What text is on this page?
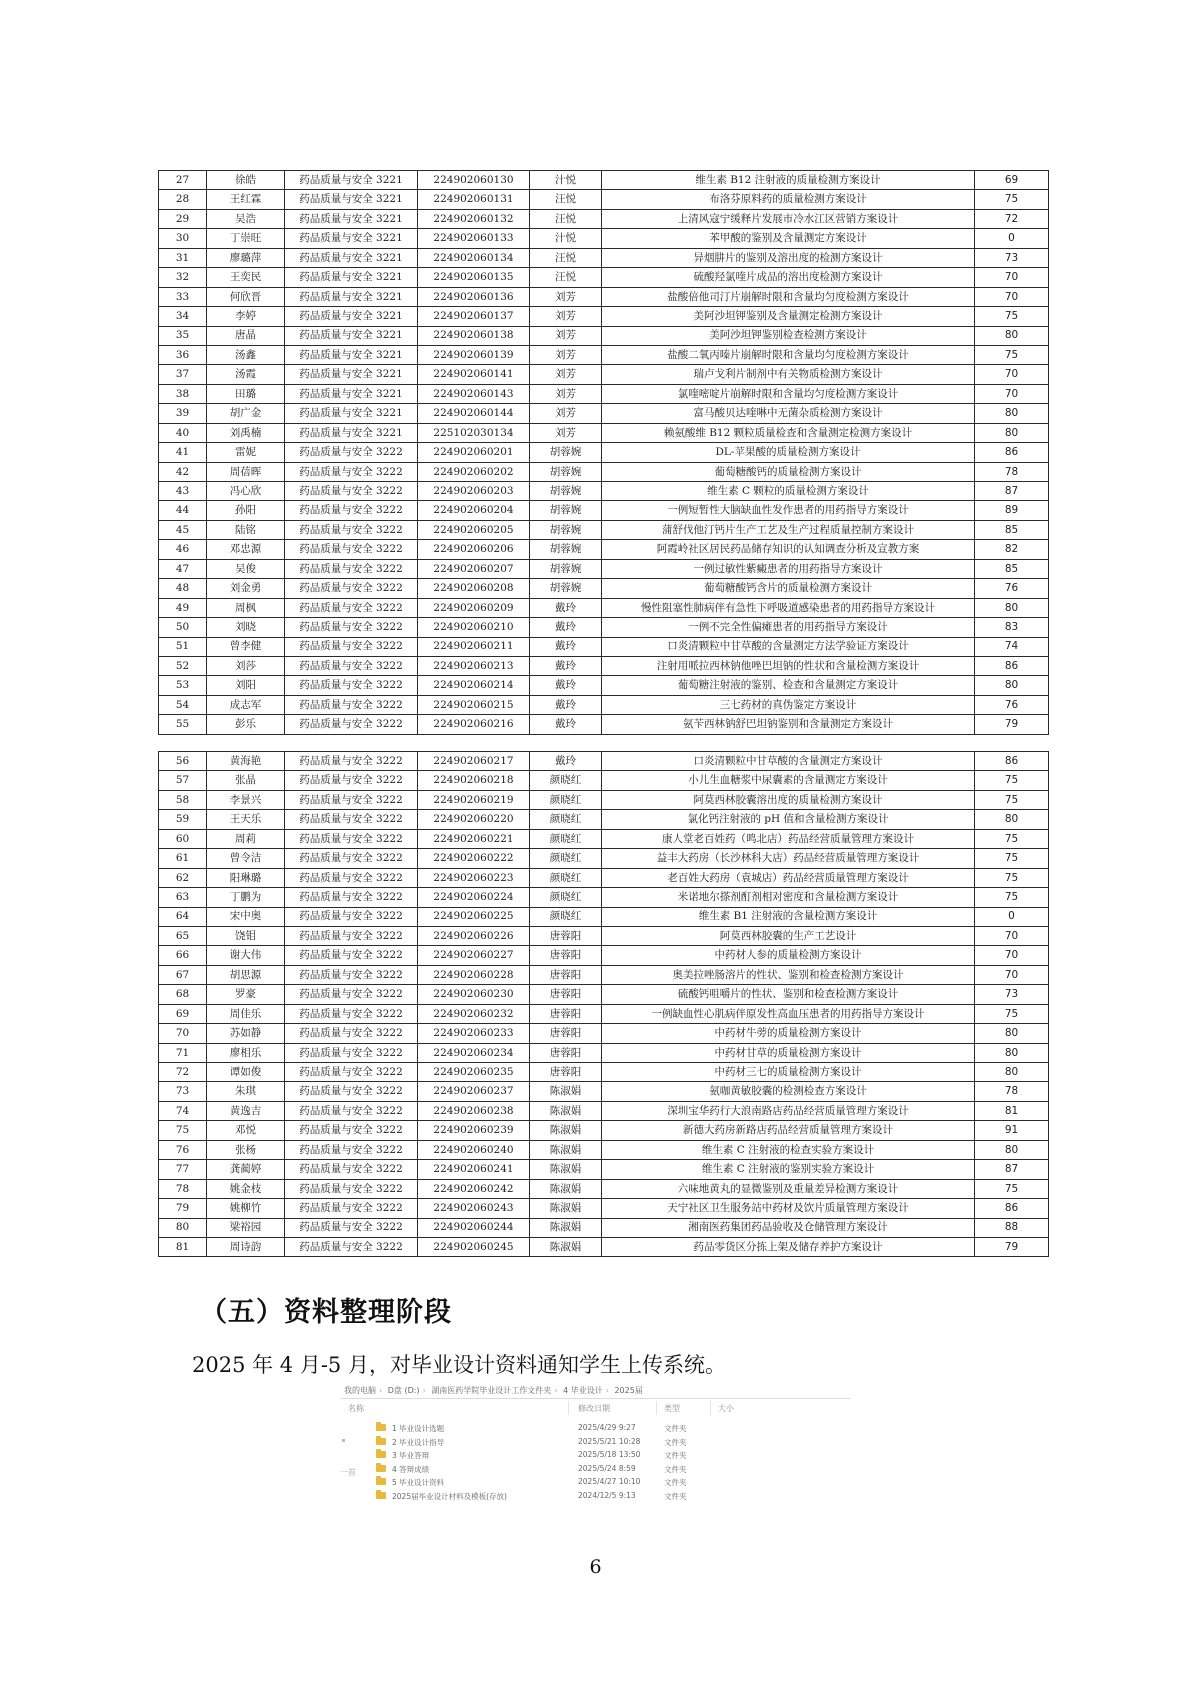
27	徐皓	药品质量与安全 3221	224902060130	汁悦	维生素 B12 注射液的质量检测方案设计	69
28	王红霖	药品质量与安全 3221	224902060131	汪悦	布洛芬原料药的质量检测方案设计	75
29	吴浩	药品质量与安全 3221	224902060132	汪悦	上清风寇宁缓释片发展市冷水江区营销方案设计	72
30	丁崇旺	药品质量与安全 3221	224902060133	汁悦	苯甲酸的鉴别及含量测定方案设计	0
31	廖璐萍	药品质量与安全 3221	224902060134	汪悦	异烟肼片的鉴别及溶出度的检测方案设计	73
32	王奕民	药品质量与安全 3221	224902060135	汪悦	硫酸羟氯喹片成品的溶出度检测方案设计	70
33	何欣晋	药品质量与安全 3221	224902060136	刘芳	盐酸倍他司汀片崩解时限和含量均匀度检测方案设计	70
34	李婷	药品质量与安全 3221	224902060137	刘芳	美阿沙坦钾鉴别及含量测定检测方案设计	75
35	唐晶	药品质量与安全 3221	224902060138	刘芳	美阿沙坦钾鉴别检查检测方案设计	80
36	汤鑫	药品质量与安全 3221	224902060139	刘芳	盐酸二氧丙嗪片崩解时限和含量均匀度检测方案设计	75
37	汤霞	药品质量与安全 3221	224902060141	刘芳	瑞卢戈利片制剂中有关物质检测方案设计	70
38	田璐	药品质量与安全 3221	224902060143	刘芳	氯喹嘧啶片崩解时限和含量均匀度检测方案设计	70
39	胡广金	药品质量与安全 3221	224902060144	刘芳	富马酸贝达喹啉中无菌杂质检测方案设计	80
40	刘禹楠	药品质量与安全 3221	225102030134	刘芳	赖氨酸维 B12 颗粒质量检查和含量测定检测方案设计	80
41	雷妮	药品质量与安全 3222	224902060201	胡蓉婉	DL-苹果酸的质量检测方案设计	86
42	周蓓晖	药品质量与安全 3222	224902060202	胡蓉婉	葡萄糖酸钙的质量检测方案设计	78
43	冯心欣	药品质量与安全 3222	224902060203	胡蓉婉	维生素 C 颗粒的质量检测方案设计	87
44	孙阳	药品质量与安全 3222	224902060204	胡蓉婉	一例短暂性大脑缺血性发作患者的用药指导方案设计	89
45	陆铭	药品质量与安全 3222	224902060205	胡蓉婉	蒲舒伐他汀钙片生产工艺及生产过程质量控制方案设计	85
46	邓忠源	药品质量与安全 3222	224902060206	胡蓉婉	阿霞岭社区居民药品储存知识的认知调查分析及宣教方案	82
47	吴俊	药品质量与安全 3222	224902060207	胡蓉婉	一例过敏性紫癜患者的用药指导方案设计	85
48	刘金勇	药品质量与安全 3222	224902060208	胡蓉婉	葡萄糖酸钙含片的质量检测方案设计	76
49	周枫	药品质量与安全 3222	224902060209	戴玲	慢性阻塞性肺病伴有急性下呼吸道感染患者的用药指导方案设计	80
50	刘晓	药品质量与安全 3222	224902060210	戴玲	一例不完全性偏瘫患者的用药指导方案设计	83
51	曾李健	药品质量与安全 3222	224902060211	戴玲	口炎清颗粒中甘草酸的含量测定方法学验证方案设计	74
52	刘莎	药品质量与安全 3222	224902060213	戴玲	注射用哌拉西林钠他唑巴坦钠的性状和含量检测方案设计	86
53	刘阳	药品质量与安全 3222	224902060214	戴玲	葡萄糖注射液的鉴别、检查和含量测定方案设计	80
54	成志军	药品质量与安全 3222	224902060215	戴玲	三七药材的真伪鉴定方案设计	76
55	彭乐	药品质量与安全 3222	224902060216	戴玲	氨苄西林钠舒巴坦钠鉴别和含量测定方案设计	79
56	黄海艳	药品质量与安全 3222	224902060217	戴玲	口炎清颗粒中甘草酸的含量测定方案设计	86
57	张晶	药品质量与安全 3222	224902060218	颜晓红	小儿生血糖浆中尿囊素的含量测定方案设计	75
58	李景兴	药品质量与安全 3222	224902060219	颜晓红	阿莫西林胶囊溶出度的质量检测方案设计	75
59	王天乐	药品质量与安全 3222	224902060220	颜晓红	氯化钙注射液的 pH 值和含量检测方案设计	80
60	周莉	药品质量与安全 3222	224902060221	颜晓红	康人堂老百姓药（鸣北店）药品经营质量管理方案设计	75
61	曾令洁	药品质量与安全 3222	224902060222	颜晓红	益丰大药房（长沙林科大店）药品经营质量管理方案设计	75
62	阳琳璐	药品质量与安全 3222	224902060223	颜晓红	老百姓大药房（袁城店）药品经营质量管理方案设计	75
63	丁鹏为	药品质量与安全 3222	224902060224	颜晓红	米诺地尔搽剂酊剂相对密度和含量检测方案设计	75
64	宋中奥	药品质量与安全 3222	224902060225	颜晓红	维生素 B1 注射液的含量检测方案设计	0
65	饶钼	药品质量与安全 3222	224902060226	唐蓉阳	阿莫西林胶囊的生产工艺设计	70
66	谢大伟	药品质量与安全 3222	224902060227	唐蓉阳	中药材人参的质量检测方案设计	70
67	胡思源	药品质量与安全 3222	224902060228	唐蓉阳	奥美拉唑肠溶片的性状、鉴别和检查检测方案设计	70
68	罗豪	药品质量与安全 3222	224902060230	唐蓉阳	硫酸钙咀嚼片的性状、鉴别和检查检测方案设计	73
69	周佳乐	药品质量与安全 3222	224902060232	唐蓉阳	一例缺血性心肌病伴原发性高血压患者的用药指导方案设计	75
70	苏如静	药品质量与安全 3222	224902060233	唐蓉阳	中药材牛蒡的质量检测方案设计	80
71	廖相乐	药品质量与安全 3222	224902060234	唐蓉阳	中药材甘草的质量检测方案设计	80
72	谭如俊	药品质量与安全 3222	224902060235	唐蓉阳	中药材三七的质量检测方案设计	80
73	朱琪	药品质量与安全 3222	224902060237	陈淑娟	氨咖黄敏胶囊的检测检查方案设计	78
74	黄逸吉	药品质量与安全 3222	224902060238	陈淑娟	深圳宝华药行大浪南路店药品经营质量管理方案设计	81
75	邓悦	药品质量与安全 3222	224902060239	陈淑娟	新德大药房新路店药品经营质量管理方案设计	91
76	张杨	药品质量与安全 3222	224902060240	陈淑娟	维生素 C 注射液的检查实验方案设计	80
77	龚蔺婷	药品质量与安全 3222	224902060241	陈淑娟	维生素 C 注射液的鉴别实验方案设计	87
78	姚金枝	药品质量与安全 3222	224902060242	陈淑娟	六味地黄丸的显微鉴别及重量差异检测方案设计	75
79	姚柳竹	药品质量与安全 3222	224902060243	陈淑娟	天宁社区卫生服务站中药材及饮片质量管理方案设计	86
80	梁裕园	药品质量与安全 3222	224902060244	陈淑娟	湘南医药集团药品验收及仓储管理方案设计	88
81	周诗韵	药品质量与安全 3222	224902060245	陈淑娟	药品零货区分拣上架及储存养护方案设计	79
（五）资料整理阶段
2025 年 4 月-5 月，对毕业设计资料通知学生上传系统。
我的电脑 › D盘 (D:) › 湖南医药学院毕业设计工作文件夹 › 4 毕业设计 › 2025届
名称	修改日期	类型	大小
一首
1 毕业设计选题	2025/4/29 9:27	文件夹
2 毕业设计指导	2025/5/21 10:28	文件夹
3 毕业答辩	2025/5/18 13:50	文件夹
4 答辩成绩	2025/5/24 8:59	文件夹
5 毕业设计资料	2025/4/27 10:10	文件夹
2025届毕业设计材料及模板(存放)	2024/12/5 9:13	文件夹
6
